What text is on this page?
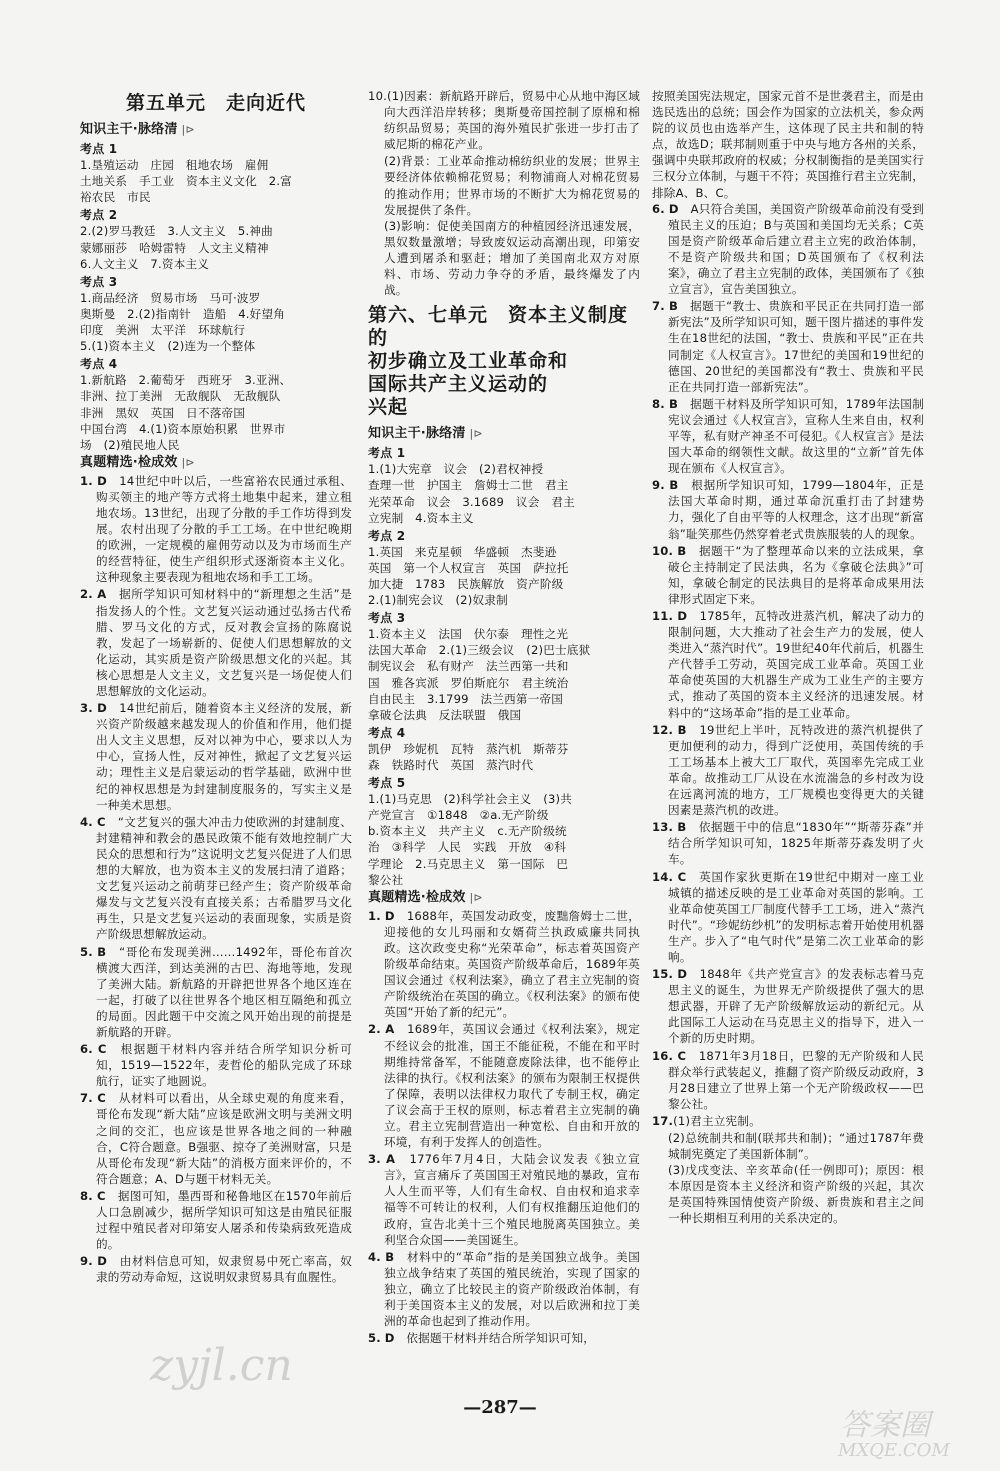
第五单元　走向近代
知识主干·脉络清 |⊳
考点 1
1.垦殖运动　庄园　租地农场　雇佣
土地关系　手工业　资本主义文化　2.富
裕农民　市民
考点 2
2.(2)罗马教廷　3.人文主义　5.神曲
蒙娜丽莎　哈姆雷特　人文主义精神
6.人文主义　7.资本主义
考点 3
1.商品经济　贸易市场　马可·波罗
奥斯曼　2.(2)指南针　造船　4.好望角
印度　美洲　太平洋　环球航行
5.(1)资本主义　(2)连为一个整体
考点 4
1.新航路　2.葡萄牙　西班牙　3.亚洲、
非洲、拉丁美洲　无敌舰队　无敌舰队
非洲　黑奴　英国　日不落帝国
中国台湾　4.(1)资本原始积累　世界市
场　(2)殖民地人民
真题精选·检成效 |⊳

1. D　 14世纪中叶以后，一些富裕农民通过承租、购买领主的地产等方式将土地集中起来，建立租地农场。13世纪，出现了分散的手工作坊得到发展。农村出现了分散的手工工场。在中世纪晚期的欧洲，一定规模的雇佣劳动以及为市场而生产的经营特征，使生产组织形式逐渐资本主义化。这种现象主要表现为租地农场和手工工场。

2. A　 据所学知识可知材料中的“新理想之生活”是指发扬人的个性。文艺复兴运动通过弘扬古代希腊、罗马文化的方式，反对教会宣扬的陈腐说教，发起了一场崭新的、促使人们思想解放的文化运动，其实质是资产阶级思想文化的兴起。其核心思想是人文主义，文艺复兴是一场促使人们思想解放的文化运动。

3. D　 14世纪前后，随着资本主义经济的发展，新兴资产阶级越来越发现人的价值和作用，他们提出人文主义思想，反对以神为中心，要求以人为中心，宣扬人性，反对神性，掀起了文艺复兴运动；理性主义是启蒙运动的哲学基础，欧洲中世纪的神权思想是为封建制度服务的，写实主义是一种美术思想。

4. C　 “文艺复兴的强大冲击力使欧洲的封建制度、封建精神和教会的愚民政策不能有效地控制广大民众的思想和行为”这说明文艺复兴促进了人们思想的大解放，也为资本主义的发展扫清了道路；文艺复兴运动之前萌芽已经产生；资产阶级革命爆发与文艺复兴没有直接关系；古希腊罗马文化再生，只是文艺复兴运动的表面现象，实质是资产阶级思想解放运动。

5. B　 “哥伦布发现美洲……1492年，哥伦布首次横渡大西洋，到达美洲的古巴、海地等地，发现了美洲大陆。新航路的开辟把世界各个地区连在一起，打破了以往世界各个地区相互隔绝和孤立的局面。因此题干中交流之风开始出现的前提是新航路的开辟。

6. C　 根据题干材料内容并结合所学知识分析可知，1519—1522年，麦哲伦的船队完成了环球航行，证实了地圆说。

7. C　 从材料可以看出，从全球史观的角度来看，哥伦布发现“新大陆”应该是欧洲文明与美洲文明之间的交汇，也应该是世界各地之间的一种融合，C符合题意。B强驱、掠夺了美洲财富，只是从哥伦布发现“新大陆”的消极方面来评价的，不符合题意；A、D与题干材料无关。

8. C　 据图可知，墨西哥和秘鲁地区在1570年前后人口急剧减少，据所学知识可知这是由殖民征服过程中殖民者对印第安人屠杀和传染病致死造成的。

9. D　 由材料信息可知，奴隶贸易中死亡率高，奴隶的劳动寿命短，这说明奴隶贸易具有血腥性。

10.(1)因素：新航路开辟后，贸易中心从地中海区域向大西洋沿岸转移；奥斯曼帝国控制了原棉和棉纺织品贸易；英国的海外殖民扩张进一步打击了威尼斯的棉花产业。

(2)背景：工业革命推动棉纺织业的发展；世界主要经济体依赖棉花贸易；利物浦商人对棉花贸易的推动作用；世界市场的不断扩大为棉花贸易的发展提供了条件。

(3)影响：促使美国南方的种植园经济迅速发展，黑奴数量激增；导致废奴运动高潮出现，印第安人遭到屠杀和驱赶；增加了美国南北双方对原料、市场、劳动力争夺的矛盾，最终爆发了内战。

第六、七单元　资本主义制度的
初步确立及工业革命和
国际共产主义运动的
兴起
知识主干·脉络清 |⊳
考点 1
1.(1)大宪章　议会　(2)君权神授
查理一世　护国主　詹姆士二世　君主
光荣革命　议会　3.1689　议会　君主
立宪制　4.资本主义
考点 2
1.英国　来克星顿　华盛顿　杰斐逊
英国　第一个人权宣言　英国　萨拉托
加大捷　1783　民族解放　资产阶级
2.(1)制宪会议　(2)奴隶制
考点 3
1.资本主义　法国　伏尔泰　理性之光
法国大革命　2.(1)三级会议　(2)巴士底狱
制宪议会　私有财产　法兰西第一共和
国　雅各宾派　罗伯斯庇尔　君主统治
自由民主　3.1799　法兰西第一帝国
拿破仑法典　反法联盟　俄国
考点 4
凯伊　珍妮机　瓦特　蒸汽机　斯蒂芬
森　铁路时代　英国　蒸汽时代
考点 5
1.(1)马克思　(2)科学社会主义　(3)共
产党宣言　①1848　②a.无产阶级
b.资本主义　共产主义　c.无产阶级统
治　③科学　人民　实践　开放　④科
学理论　2.马克思主义　第一国际　巴
黎公社
真题精选·检成效 |⊳

1. D　 1688年，英国发动政变，废黜詹姆士二世，迎接他的女儿玛丽和女婿荷兰执政威廉共同执政。这次政变史称“光荣革命”，标志着英国资产阶级革命结束。英国资产阶级革命后，1689年英国议会通过《权利法案》，确立了君主立宪制的资产阶级统治在英国的确立。《权利法案》的颁布使英国“开始了新的纪元”。

2. A　 1689年，英国议会通过《权利法案》，规定不经议会的批准，国王不能征税，不能在和平时期维持常备军，不能随意废除法律，也不能停止法律的执行。《权利法案》的颁布为限制王权提供了保障，表明以法律权力取代了专制王权，确定了议会高于王权的原则，标志着君主立宪制的确立。君主立宪制营造出一种宽松、自由和开放的环境，有利于发挥人的创造性。

3. A　 1776年7月4日，大陆会议发表《独立宣言》，宣言痛斥了英国国王对殖民地的暴政，宣布人人生而平等，人们有生命权、自由权和追求幸福等不可转让的权利，人们有权推翻压迫他们的政府，宣告北美十三个殖民地脱离英国独立。美利坚合众国——美国诞生。

4. B　 材料中的“革命”指的是美国独立战争。美国独立战争结束了英国的殖民统治，实现了国家的独立，确立了比较民主的资产阶级政治体制，有利于美国资本主义的发展，对以后欧洲和拉丁美洲的革命也起到了推动作用。

5. D　 依据题干材料并结合所学知识可知，

按照美国宪法规定，国家元首不是世袭君主，而是由选民选出的总统；国会作为国家的立法机关，参众两院的议员也由选举产生，这体现了民主共和制的特点，故选D；联邦制则重于中央与地方各州的关系，强调中央联邦政府的权威；分权制衡指的是美国实行三权分立体制，与题干不符；英国推行君主立宪制，排除A、B、C。

6. D　 A只符合美国，美国资产阶级革命前没有受到殖民主义的压迫；B与英国和美国均无关系；C英国是资产阶级革命后建立君主立宪的政治体制，不是资产阶级共和国；D英国颁布了《权利法案》，确立了君主立宪制的政体，美国颁布了《独立宣言》，宣告美国独立。

7. B　 据题干“教士、贵族和平民正在共同打造一部新宪法”及所学知识可知，题干图片描述的事件发生在18世纪的法国，“教士、贵族和平民”正在共同制定《人权宣言》。17世纪的美国和19世纪的德国、20世纪的美国都没有“教士、贵族和平民正在共同打造一部新宪法”。

8. B　 据题干材料及所学知识可知，1789年法国制宪议会通过《人权宣言》，宣称人生来自由，权利平等，私有财产神圣不可侵犯。《人权宣言》是法国大革命的纲领性文献。故这里的“立新”首先体现在颁布《人权宣言》。

9. B　 根据所学知识可知，1799—1804年，正是法国大革命时期，通过革命沉重打击了封建势力，强化了自由平等的人权理念，这才出现“新富翁”耻笑那些仍然穿着老式贵族服装的人的现象。

10. B　 据题干“为了整理革命以来的立法成果，拿破仑主持制定了民法典，名为《拿破仑法典》”可知，拿破仑制定的民法典目的是将革命成果用法律形式固定下来。

11. D　 1785年，瓦特改进蒸汽机，解决了动力的限制问题，大大推动了社会生产力的发展，使人类进入“蒸汽时代”。19世纪40年代前后，机器生产代替手工劳动，英国完成工业革命。英国工业革命使英国的大机器生产成为工业生产的主要方式，推动了英国的资本主义经济的迅速发展。材料中的“这场革命”指的是工业革命。

12. B　 19世纪上半叶，瓦特改进的蒸汽机提供了更加便利的动力，得到广泛使用，英国传统的手工工场基本上被大工厂取代，英国率先完成工业革命。故推动工厂从设在水流湍急的乡村改为设在远离河流的地方，工厂规模也变得更大的关键因素是蒸汽机的改进。

13. B　 依据题干中的信息“1830年”“斯蒂芬森”并结合所学知识可知，1825年斯蒂芬森发明了火车。

14. C　 英国作家狄更斯在19世纪中期对一座工业城镇的描述反映的是工业革命对英国的影响。工业革命使英国工厂制度代替手工工场，进入“蒸汽时代”。“珍妮纺纱机”的发明标志着开始使用机器生产。步入了“电气时代”是第二次工业革命的影响。

15. D　 1848年《共产党宣言》的发表标志着马克思主义的诞生，为世界无产阶级提供了强大的思想武器，开辟了无产阶级解放运动的新纪元。从此国际工人运动在马克思主义的指导下，进入一个新的历史时期。

16. C　 1871年3月18日，巴黎的无产阶级和人民群众举行武装起义，推翻了资产阶级反动政府，3月28日建立了世界上第一个无产阶级政权——巴黎公社。

17.(1)君主立宪制。

(2)总统制共和制(联邦共和制)；“通过1787年费城制宪奠定了美国新体制”。

(3)戊戌变法、辛亥革命(任一例即可)；原因：根本原因是资本主义经济和资产阶级的兴起，其次是英国特殊国情使资产阶级、新贵族和君主之间一种长期相互利用的关系决定的。

—287—
zyjl.cn
答案圈
MXQE.COM
